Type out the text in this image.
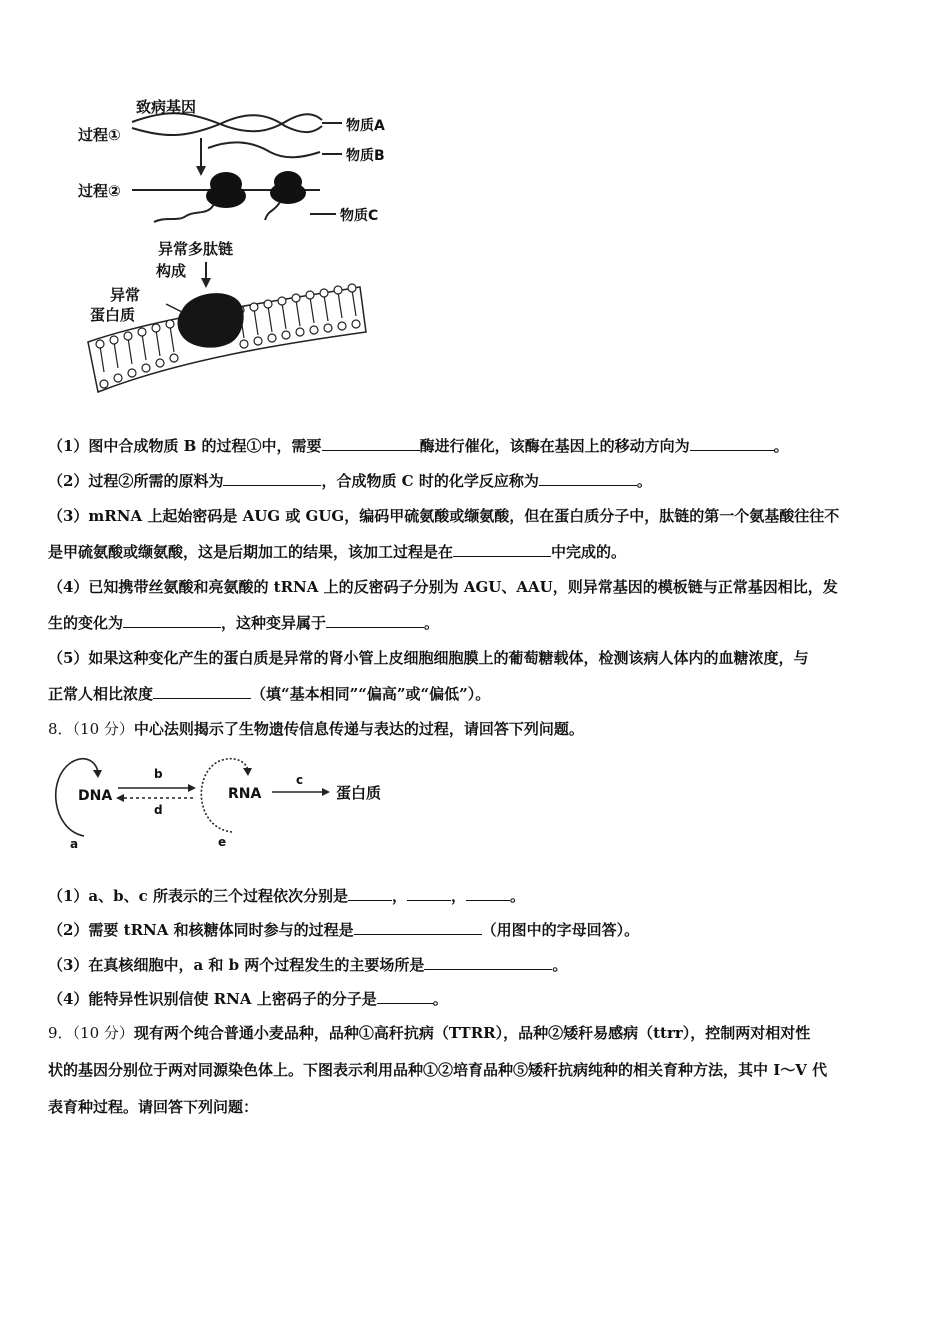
致病基因
过程①	物质A
物质B
过程②
物质C
异常多肽链
构成
异常
蛋白质
（1）图中合成物质 B 的过程①中，需要	酶进行催化，该酶在基因上的移动方向为	。
（2）过程②所需的原料为	，合成物质 C 时的化学反应称为	。
（3）mRNA 上起始密码是 AUG 或 GUG，编码甲硫氨酸或缬氨酸，但在蛋白质分子中，肽链的第一个氨基酸往往不
是甲硫氨酸或缬氨酸，这是后期加工的结果，该加工过程是在	中完成的。
（4）已知携带丝氨酸和亮氨酸的 tRNA 上的反密码子分别为 AGU、AAU，则异常基因的模板链与正常基因相比，发
生的变化为	，这种变异属于	。
（5）如果这种变化产生的蛋白质是异常的肾小管上皮细胞细胞膜上的葡萄糖载体，检测该病人体内的血糖浓度，与
正常人相比浓度	（填“基本相同”“偏高”或“偏低”）。
8．（10 分）中心法则揭示了生物遗传信息传递与表达的过程，请回答下列问题。
DNA	RNA	蛋白质
b
d
c
a	e
（1）a、b、c 所表示的三个过程依次分别是	，	，	。
（2）需要 tRNA 和核糖体同时参与的过程是	（用图中的字母回答）。
（3）在真核细胞中，a 和 b 两个过程发生的主要场所是	。
（4）能特异性识别信使 RNA 上密码子的分子是	。
9．（10 分）现有两个纯合普通小麦品种，品种①高秆抗病（TTRR），品种②矮秆易感病（ttrr），控制两对相对性
状的基因分别位于两对同源染色体上。下图表示利用品种①②培育品种⑤矮秆抗病纯种的相关育种方法，其中 I～V 代
表育种过程。请回答下列问题：
